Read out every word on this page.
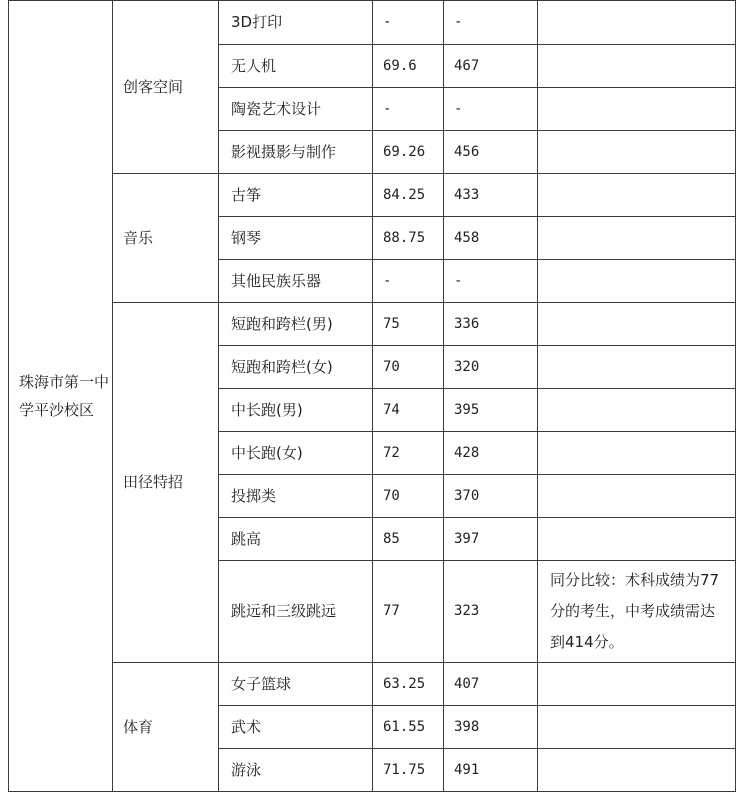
珠海市第一中学平沙校区	创客空间	3D打印	-	-	
		无人机	69.6	467	
		陶瓷艺术设计	-	-	
		影视摄影与制作	69.26	456	
	音乐	古筝	84.25	433	
		钢琴	88.75	458	
		其他民族乐器	-	-	
	田径特招	短跑和跨栏(男)	75	336	
		短跑和跨栏(女)	70	320	
		中长跑(男)	74	395	
		中长跑(女)	72	428	
		投掷类	70	370	
		跳高	85	397	
		跳远和三级跳远	77	323	同分比较：术科成绩为77分的考生，中考成绩需达到414分。
	体育	女子篮球	63.25	407	
		武术	61.55	398	
		游泳	71.75	491	
